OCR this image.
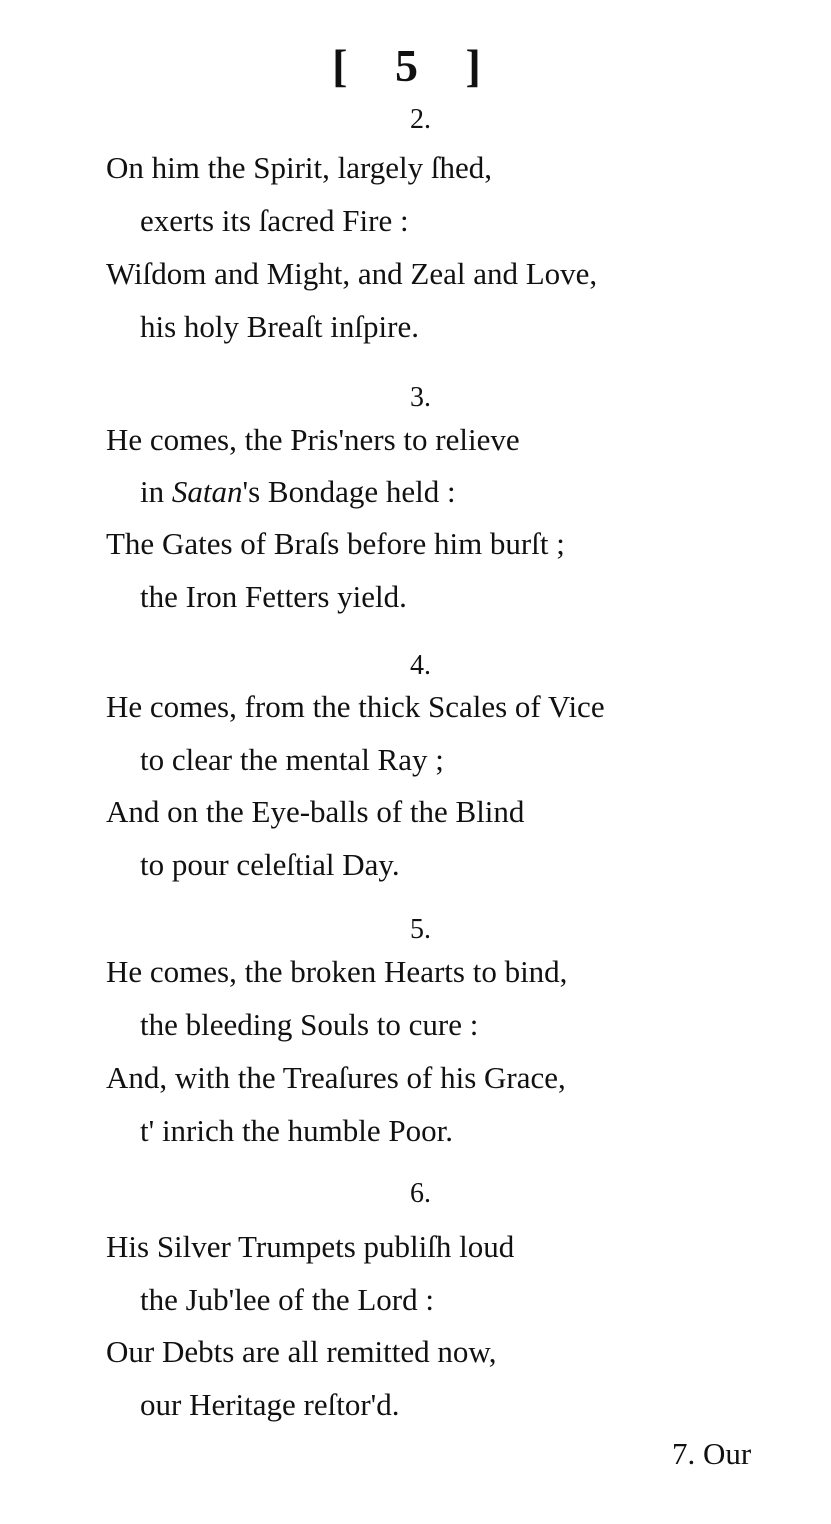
[ 5 ]
2.
On him the Spirit, largely ſhed,
exerts its ſacred Fire :
Wiſdom and Might, and Zeal and Love,
his holy Breaſt inſpire.
3.
He comes, the Pris'ners to relieve
in Satan's Bondage held :
The Gates of Braſs before him burſt ;
the Iron Fetters yield.
4.
He comes, from the thick Scales of Vice
to clear the mental Ray ;
And on the Eye-balls of the Blind
to pour celeſtial Day.
5.
He comes, the broken Hearts to bind,
the bleeding Souls to cure :
And, with the Treaſures of his Grace,
t' inrich the humble Poor.
6.
His Silver Trumpets publiſh loud
the Jub'lee of the Lord :
Our Debts are all remitted now,
our Heritage reſtor'd.
7. Our
